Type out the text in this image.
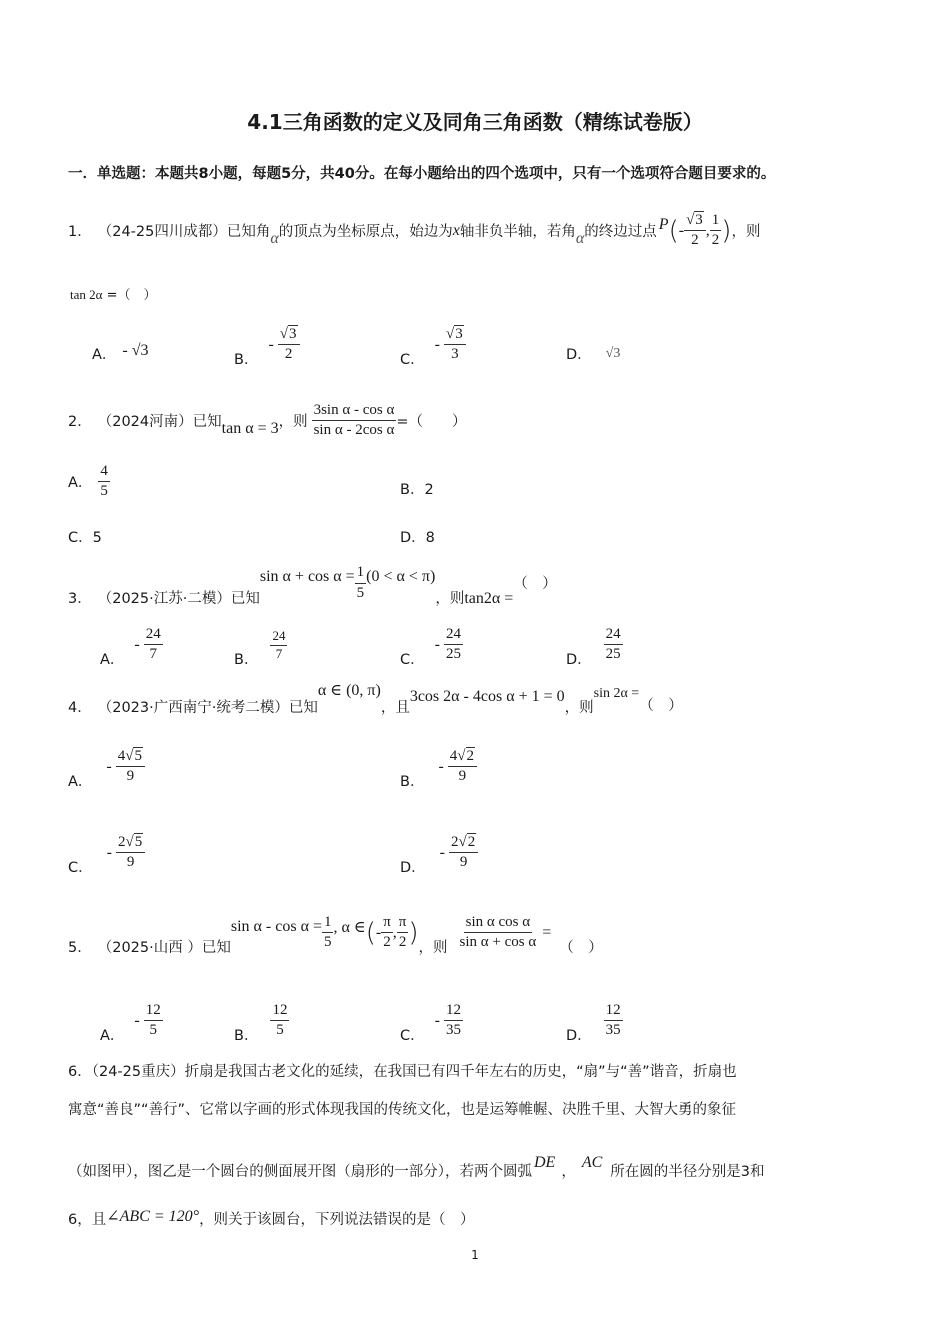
4.1三角函数的定义及同角三角函数（精练试卷版）
一．单选题：本题共8小题，每题5分，共40分。在每小题给出的四个选项中，只有一个选项符合题目要求的。
1． （24-25四川成都）已知角 α 的顶点为坐标原点，始边为 x 轴非负半轴，若角 α 的终边过点 P ( - $\frac{√3}{2}$ , $\frac{1}{2}$ ) ，则
tan 2α =（　）
A． - √3
B．
- $\frac{√3}{2}$	C．
- $\frac{√3}{3}$	D． √3
2． （2024河南）已知 tan α = 3 ，则 $\frac{\text{3sin α - cos α}}{\text{sin α - 2cos α}}$ =（　　）
A． $\frac{4}{5}$	B．2
C．5	D．8
3． （2025·江苏·二模）已知
$\sin \alpha + \cos \alpha = \frac{1}{5} (0 < \alpha < \pi)$
，则 tan2α =
（　）
A．
- $\frac{24}{7}$	B． $\frac{24}{7}$	C．
- $\frac{24}{25}$	D． $\frac{24}{25}$
4． （2023·广西南宁·统考二模）已知
α ∈ (0, π)
，且
3cos 2α - 4cos α + 1 = 0
，则
sin 2α =
（　）
A．
- $\frac{4√5}{9}$	B．
- $\frac{4√2}{9}$
C．
- $\frac{2√5}{9}$	D．
- $\frac{2√2}{9}$
5． （2025·山西 ）已知
$\sin \alpha - \cos \alpha = \frac{1}{5}$ , α ∈ ( - $\frac{\pi}{2}$ , $\frac{\pi}{2}$ )
，则 $\frac{\text{sin α cos α}}{\text{sin α + cos α}}$ =
（　）
A．
- $\frac{12}{5}$	B． $\frac{12}{5}$	C．
- $\frac{12}{35}$	D． $\frac{12}{35}$
6．（24-25重庆）折扇是我国古老文化的延续，在我国已有四千年左右的历史，“扇”与“善”谐音，折扇也
寓意“善良”“善行”、它常以字画的形式体现我国的传统文化，也是运筹帷幄、决胜千里、大智大勇的象征
（如图甲），图乙是一个圆台的侧面展开图（扇形的一部分），若两个圆弧
DE
，
AC
所在圆的半径分别是3和
6，且 ∠ABC = 120° ，则关于该圆台，下列说法错误的是（　）
1
